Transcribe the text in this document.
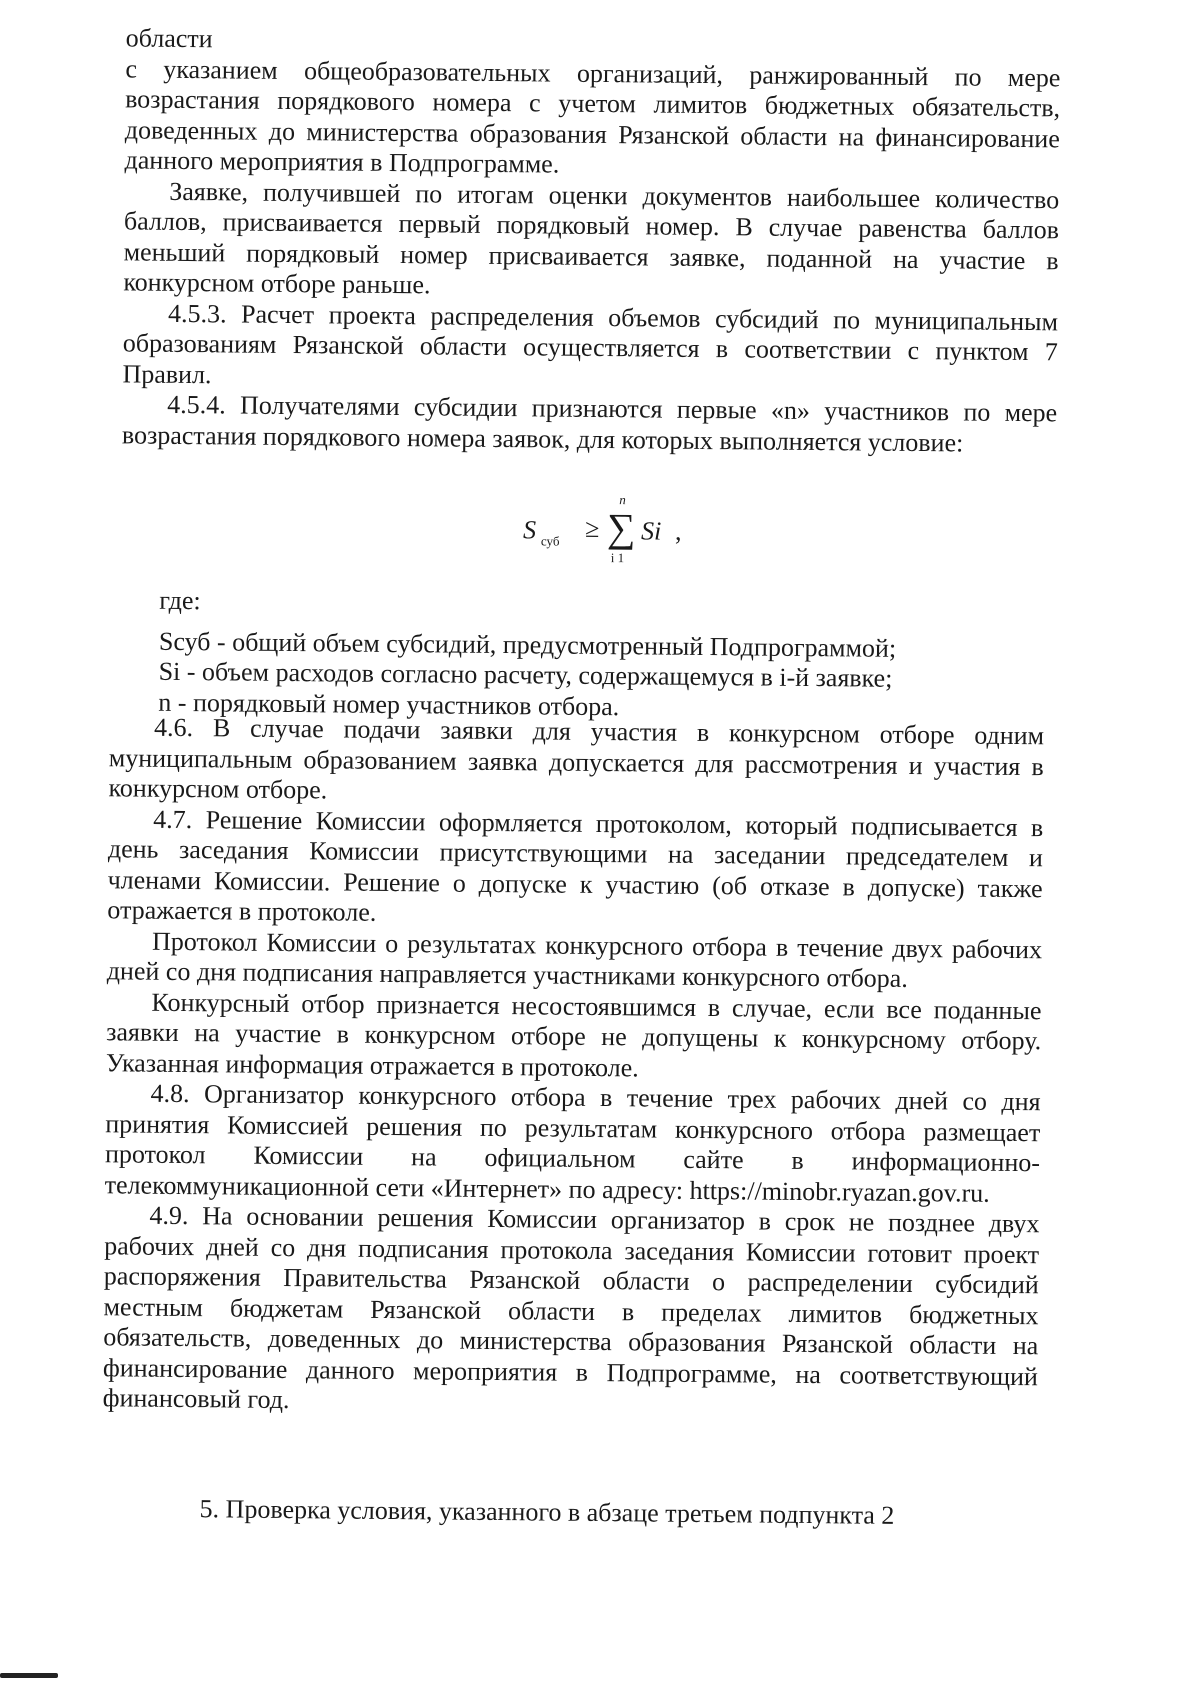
области

с указанием общеобразовательных организаций, ранжированный по мере возрастания порядкового номера с учетом лимитов бюджетных обязательств, доведенных до министерства образования Рязанской области на финансирование данного мероприятия в Подпрограмме.

Заявке, получившей по итогам оценки документов наибольшее количество баллов, присваивается первый порядковый номер. В случае равенства баллов меньший порядковый номер присваивается заявке, поданной на участие в конкурсном отборе раньше.

4.5.3. Расчет проекта распределения объемов субсидий по муниципальным образованиям Рязанской области осуществляется в соответствии с пунктом 7 Правил.

4.5.4. Получателями субсидии признаются первые «n» участников по мере возрастания порядкового номера заявок, для которых выполняется условие:

S суб ≥
n
∑
i 1
Si ,

где:

Sсуб - общий объем субсидий, предусмотренный Подпрограммой;

Si - объем расходов согласно расчету, содержащемуся в i-й заявке;

n - порядковый номер участников отбора.

4.6. В случае подачи заявки для участия в конкурсном отборе одним муниципальным образованием заявка допускается для рассмотрения и участия в конкурсном отборе.

4.7. Решение Комиссии оформляется протоколом, который подписывается в день заседания Комиссии присутствующими на заседании председателем и членами Комиссии. Решение о допуске к участию (об отказе в допуске) также отражается в протоколе.

Протокол Комиссии о результатах конкурсного отбора в течение двух рабочих дней со дня подписания направляется участниками конкурсного отбора.

Конкурсный отбор признается несостоявшимся в случае, если все поданные заявки на участие в конкурсном отборе не допущены к конкурсному отбору. Указанная информация отражается в протоколе.

4.8. Организатор конкурсного отбора в течение трех рабочих дней со дня принятия Комиссией решения по результатам конкурсного отбора размещает протокол Комиссии на официальном сайте в информационно-телекоммуникационной сети «Интернет» по адресу: https://minobr.ryazan.gov.ru.

4.9. На основании решения Комиссии организатор в срок не позднее двух рабочих дней со дня подписания протокола заседания Комиссии готовит проект распоряжения Правительства Рязанской области о распределении субсидий местным бюджетам Рязанской области в пределах лимитов бюджетных обязательств, доведенных до министерства образования Рязанской области на финансирование данного мероприятия в Подпрограмме, на соответствующий финансовый год.

5. Проверка условия, указанного в абзаце третьем подпункта 2
